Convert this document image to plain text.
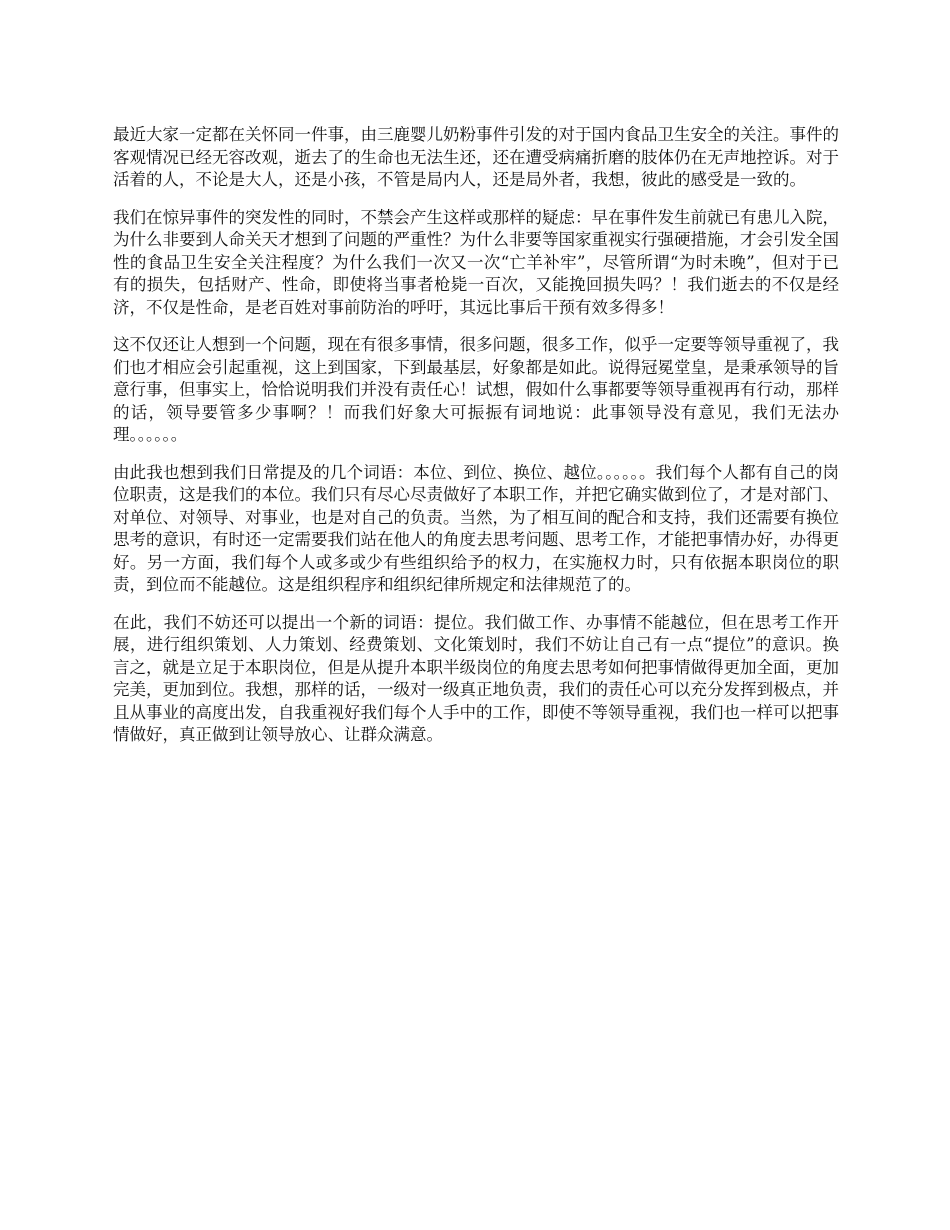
最近大家一定都在关怀同一件事，由三鹿婴儿奶粉事件引发的对于国内食品卫生安全的关注。事件的客观情况已经无容改观，逝去了的生命也无法生还，还在遭受病痛折磨的肢体仍在无声地控诉。对于活着的人，不论是大人，还是小孩，不管是局内人，还是局外者，我想，彼此的感受是一致的。

我们在惊异事件的突发性的同时，不禁会产生这样或那样的疑虑：早在事件发生前就已有患儿入院，为什么非要到人命关天才想到了问题的严重性？为什么非要等国家重视实行强硬措施，才会引发全国性的食品卫生安全关注程度？为什么我们一次又一次“亡羊补牢”，尽管所谓“为时未晚”，但对于已有的损失，包括财产、性命，即使将当事者枪毙一百次，又能挽回损失吗？！我们逝去的不仅是经济，不仅是性命，是老百姓对事前防治的呼吁，其远比事后干预有效多得多！

这不仅还让人想到一个问题，现在有很多事情，很多问题，很多工作，似乎一定要等领导重视了，我们也才相应会引起重视，这上到国家，下到最基层，好象都是如此。说得冠冕堂皇，是秉承领导的旨意行事，但事实上，恰恰说明我们并没有责任心！试想，假如什么事都要等领导重视再有行动，那样的话，领导要管多少事啊？！而我们好象大可振振有词地说：此事领导没有意见，我们无法办理。。。。。。

由此我也想到我们日常提及的几个词语：本位、到位、换位、越位。。。。。。我们每个人都有自己的岗位职责，这是我们的本位。我们只有尽心尽责做好了本职工作，并把它确实做到位了，才是对部门、对单位、对领导、对事业，也是对自己的负责。当然，为了相互间的配合和支持，我们还需要有换位思考的意识，有时还一定需要我们站在他人的角度去思考问题、思考工作，才能把事情办好，办得更好。另一方面，我们每个人或多或少有些组织给予的权力，在实施权力时，只有依据本职岗位的职责，到位而不能越位。这是组织程序和组织纪律所规定和法律规范了的。

在此，我们不妨还可以提出一个新的词语：提位。我们做工作、办事情不能越位，但在思考工作开展，进行组织策划、人力策划、经费策划、文化策划时，我们不妨让自己有一点“提位”的意识。换言之，就是立足于本职岗位，但是从提升本职半级岗位的角度去思考如何把事情做得更加全面，更加完美，更加到位。我想，那样的话，一级对一级真正地负责，我们的责任心可以充分发挥到极点，并且从事业的高度出发，自我重视好我们每个人手中的工作，即使不等领导重视，我们也一样可以把事情做好，真正做到让领导放心、让群众满意。
